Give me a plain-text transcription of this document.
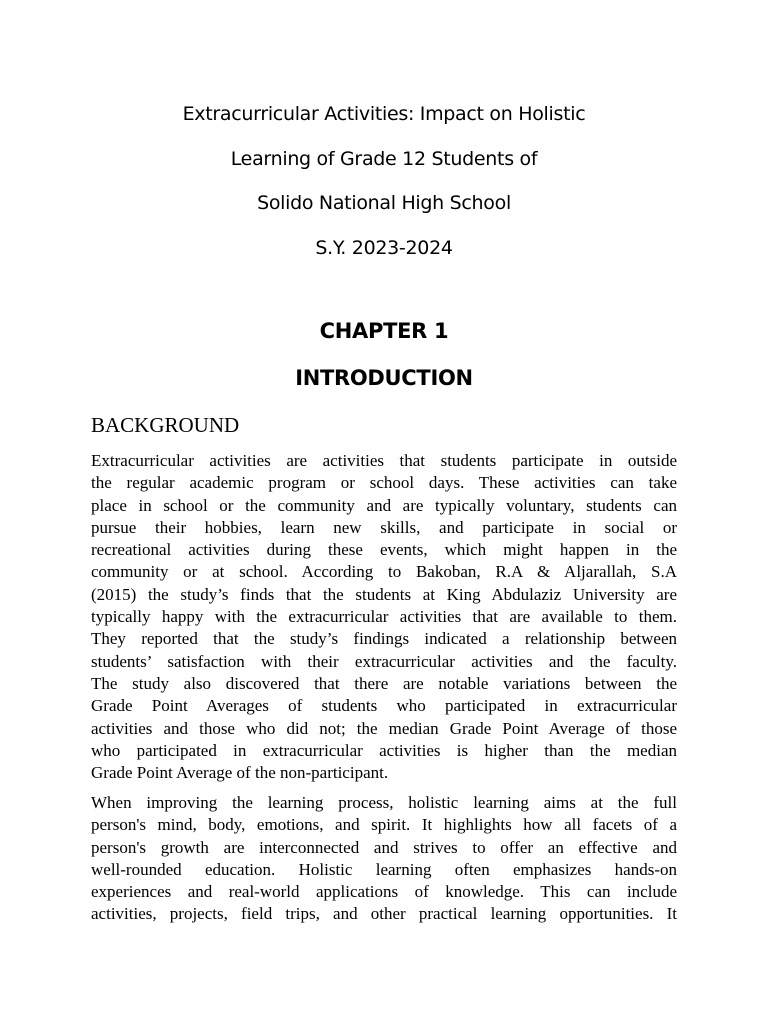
Extracurricular Activities: Impact on Holistic
Learning of Grade 12 Students of
Solido National High School
S.Y. 2023-2024
CHAPTER 1
INTRODUCTION
BACKGROUND

Extracurricular activities are activities that students participate in outside
the regular academic program or school days. These activities can take
place in school or the community and are typically voluntary, students can
pursue their hobbies, learn new skills, and participate in social or
recreational activities during these events, which might happen in the
community or at school. According to Bakoban, R.A & Aljarallah, S.A
(2015) the study’s finds that the students at King Abdulaziz University are
typically happy with the extracurricular activities that are available to them.
They reported that the study’s findings indicated a relationship between
students’ satisfaction with their extracurricular activities and the faculty.
The study also discovered that there are notable variations between the
Grade Point Averages of students who participated in extracurricular
activities and those who did not; the median Grade Point Average of those
who participated in extracurricular activities is higher than the median
Grade Point Average of the non-participant.

When improving the learning process, holistic learning aims at the full
person's mind, body, emotions, and spirit. It highlights how all facets of a
person's growth are interconnected and strives to offer an effective and
well-rounded education. Holistic learning often emphasizes hands-on
experiences and real-world applications of knowledge. This can include
activities, projects, field trips, and other practical learning opportunities. It
